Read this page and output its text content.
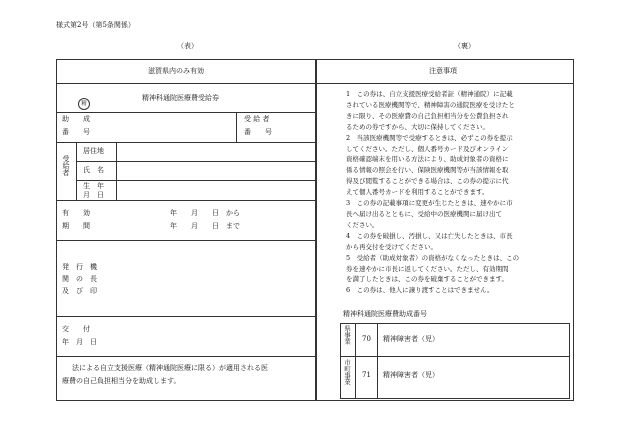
様式第2号（第5条関係）
（表）	（裏）
滋賀県内のみ有効
精
精神科通院医療費受給券
助　　成
番　　号
受 給 者
番　　号
受給者
居住地
氏　名
生　年
月　日
有　　効
期　　間
年　　月　　日　から
年　　月　　日　まで
発　行　機
関　の　長
及　び　印
交　　付
年　月　日
法による自立支援医療（精神通院医療に限る）が適用される医
療費の自己負担相当分を助成します。
注意事項

1　この券は、自立支援医療受給者証（精神通院）に記載

されている医療機関等で、精神障害の通院医療を受けたと

きに限り、その医療費の自己負担相当分を公費負担され

るための券ですから、大切に保持してください。

2　当該医療機関等で受療するときは、必ずこの券を提示

してください。ただし、個人番号カード及びオンライン

資格確認端末を用いる方法により、助成対象者の資格に

係る情報の照会を行い、保険医療機関等が当該情報を取

得及び閲覧することができる場合は、この券の提示に代

えて個人番号カードを利用することができます。

3　この券の記載事項に変更が生じたときは、速やかに市

長へ届け出るとともに、受給中の医療機関に届け出て

ください。

4　この券を破損し、汚損し、又は亡失したときは、市長

から再交付を受けてください。

5　受給者（助成対象者）の資格がなくなったときは、この

券を速やかに市長に返してください。ただし、有効期間

を満了したときは、この券を破棄することができます。

6　この券は、他人に譲り渡すことはできません。

精神科通院医療費助成番号
県事業 70 精神障害者（児）
市町事業 71 精神障害者（児）
